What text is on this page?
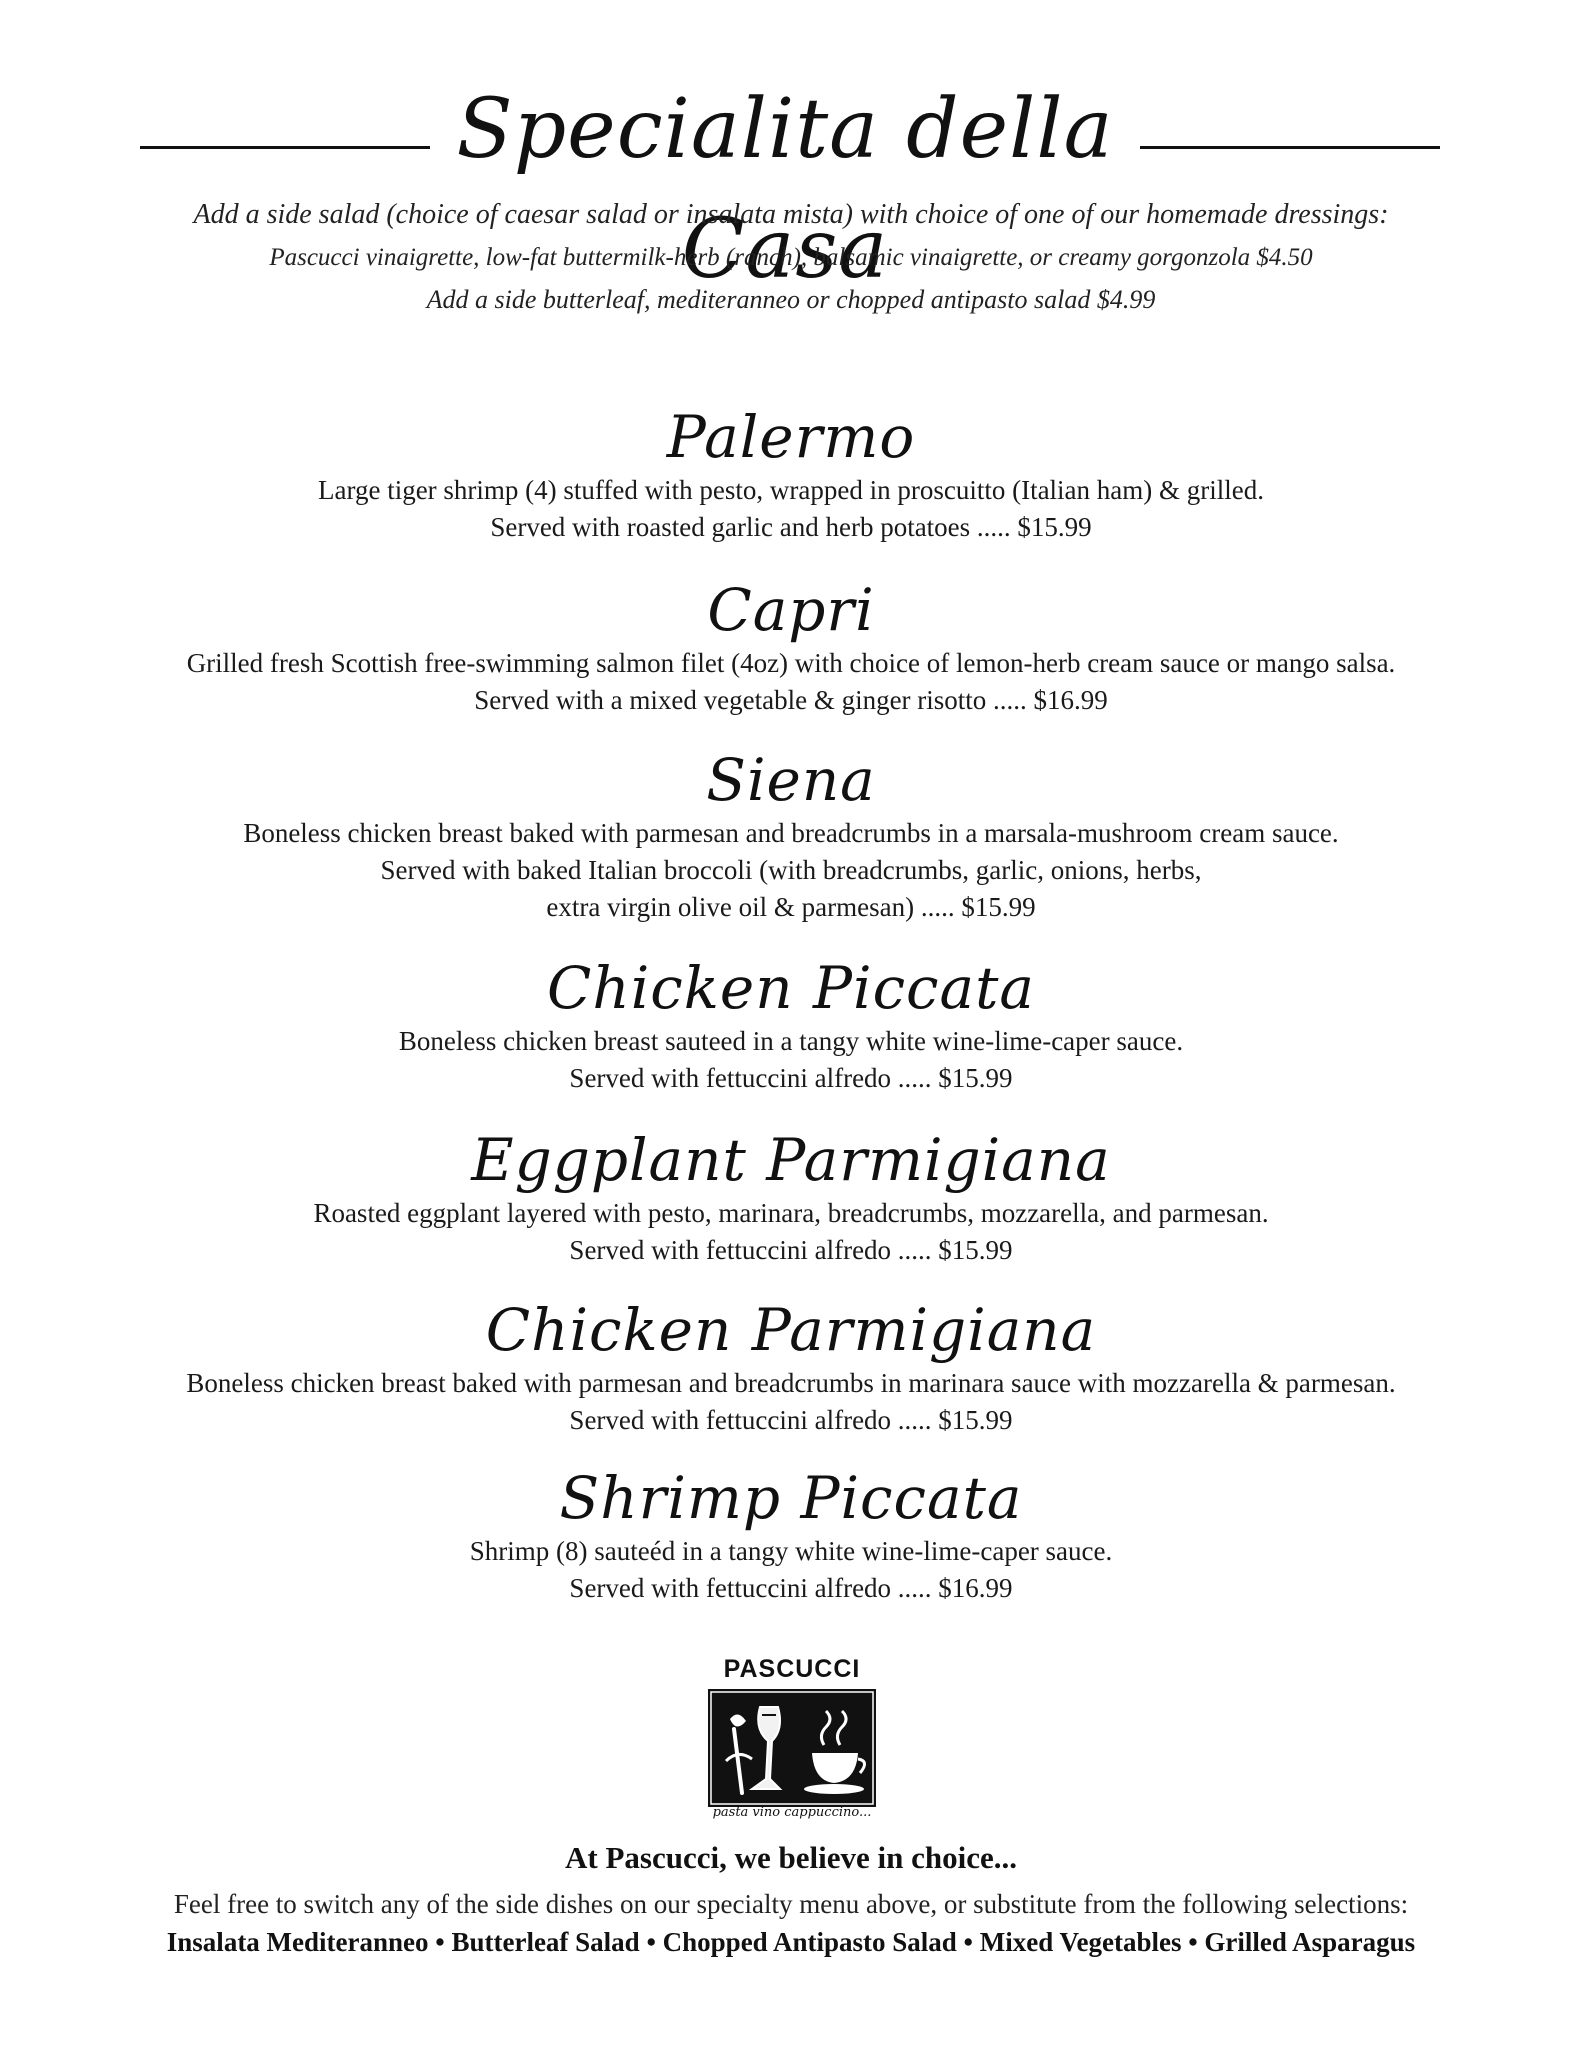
Specialita della Casa
Add a side salad (choice of caesar salad or insalata mista) with choice of one of our homemade dressings:
Pascucci vinaigrette, low-fat buttermilk-herb (ranch), balsamic vinaigrette, or creamy gorgonzola $4.50
Add a side butterleaf, mediteranneo or chopped antipasto salad $4.99
Palermo
Large tiger shrimp (4) stuffed with pesto, wrapped in proscuitto (Italian ham) & grilled.
Served with roasted garlic and herb potatoes ..... $15.99
Capri
Grilled fresh Scottish free-swimming salmon filet (4oz) with choice of lemon-herb cream sauce or mango salsa.
Served with a mixed vegetable & ginger risotto ..... $16.99
Siena
Boneless chicken breast baked with parmesan and breadcrumbs in a marsala-mushroom cream sauce.
Served with baked Italian broccoli (with breadcrumbs, garlic, onions, herbs,
extra virgin olive oil & parmesan) ..... $15.99
Chicken Piccata
Boneless chicken breast sauteed in a tangy white wine-lime-caper sauce.
Served with fettuccini alfredo ..... $15.99
Eggplant Parmigiana
Roasted eggplant layered with pesto, marinara, breadcrumbs, mozzarella, and parmesan.
Served with fettuccini alfredo ..... $15.99
Chicken Parmigiana
Boneless chicken breast baked with parmesan and breadcrumbs in marinara sauce with mozzarella & parmesan.
Served with fettuccini alfredo ..... $15.99
Shrimp Piccata
Shrimp (8) sauteéd in a tangy white wine-lime-caper sauce.
Served with fettuccini alfredo ..... $16.99
PASCUCCI
pasta vino cappuccino...
At Pascucci, we believe in choice...
Feel free to switch any of the side dishes on our specialty menu above, or substitute from the following selections:
Insalata Mediteranneo • Butterleaf Salad • Chopped Antipasto Salad • Mixed Vegetables • Grilled Asparagus
